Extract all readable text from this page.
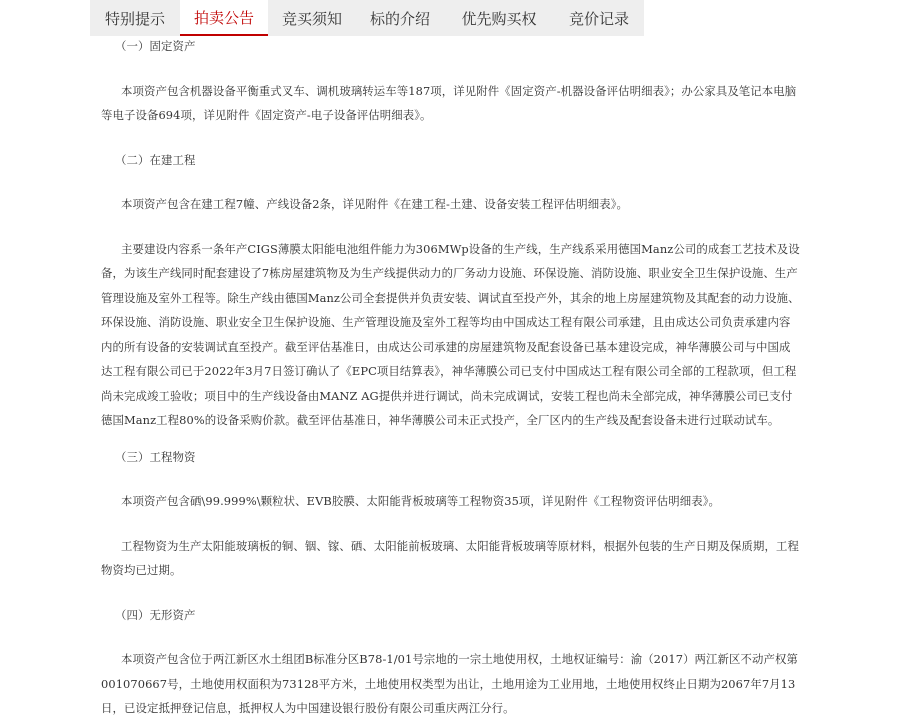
特别提示	拍卖公告	竞买须知	标的介绍	优先购买权	竞价记录

（一）固定资产

本项资产包含机器设备平衡重式叉车、调机玻璃转运车等187项，详见附件《固定资产-机器设备评估明细表》；办公家具及笔记本电脑等电子设备694项，详见附件《固定资产-电子设备评估明细表》。

（二）在建工程

本项资产包含在建工程7幢、产线设备2条，详见附件《在建工程-土建、设备安装工程评估明细表》。

主要建设内容系一条年产CIGS薄膜太阳能电池组件能力为306MWp设备的生产线，生产线系采用德国Manz公司的成套工艺技术及设备，为该生产线同时配套建设了7栋房屋建筑物及为生产线提供动力的厂务动力设施、环保设施、消防设施、职业安全卫生保护设施、生产管理设施及室外工程等。除生产线由德国Manz公司全套提供并负责安装、调试直至投产外，其余的地上房屋建筑物及其配套的动力设施、环保设施、消防设施、职业安全卫生保护设施、生产管理设施及室外工程等均由中国成达工程有限公司承建，且由成达公司负责承建内容内的所有设备的安装调试直至投产。截至评估基准日，由成达公司承建的房屋建筑物及配套设备已基本建设完成，神华薄膜公司与中国成达工程有限公司已于2022年3月7日签订确认了《EPC项目结算表》，神华薄膜公司已支付中国成达工程有限公司全部的工程款项，但工程尚未完成竣工验收；项目中的生产线设备由MANZ AG提供并进行调试，尚未完成调试，安装工程也尚未全部完成，神华薄膜公司已支付德国Manz工程80%的设备采购价款。截至评估基准日，神华薄膜公司未正式投产，全厂区内的生产线及配套设备未进行过联动试车。

（三）工程物资

本项资产包含硒\99.999%\颗粒状、EVB胶膜、太阳能背板玻璃等工程物资35项，详见附件《工程物资评估明细表》。

工程物资为生产太阳能玻璃板的铜、铟、镓、硒、太阳能前板玻璃、太阳能背板玻璃等原材料，根据外包装的生产日期及保质期，工程物资均已过期。

（四）无形资产

本项资产包含位于两江新区水土组团B标准分区B78-1/01号宗地的一宗土地使用权，土地权证编号：渝（2017）两江新区不动产权第001070667号，土地使用权面积为73128平方米，土地使用权类型为出让，土地用途为工业用地，土地使用权终止日期为2067年7月13日，已设定抵押登记信息，抵押权人为中国建设银行股份有限公司重庆两江分行。
